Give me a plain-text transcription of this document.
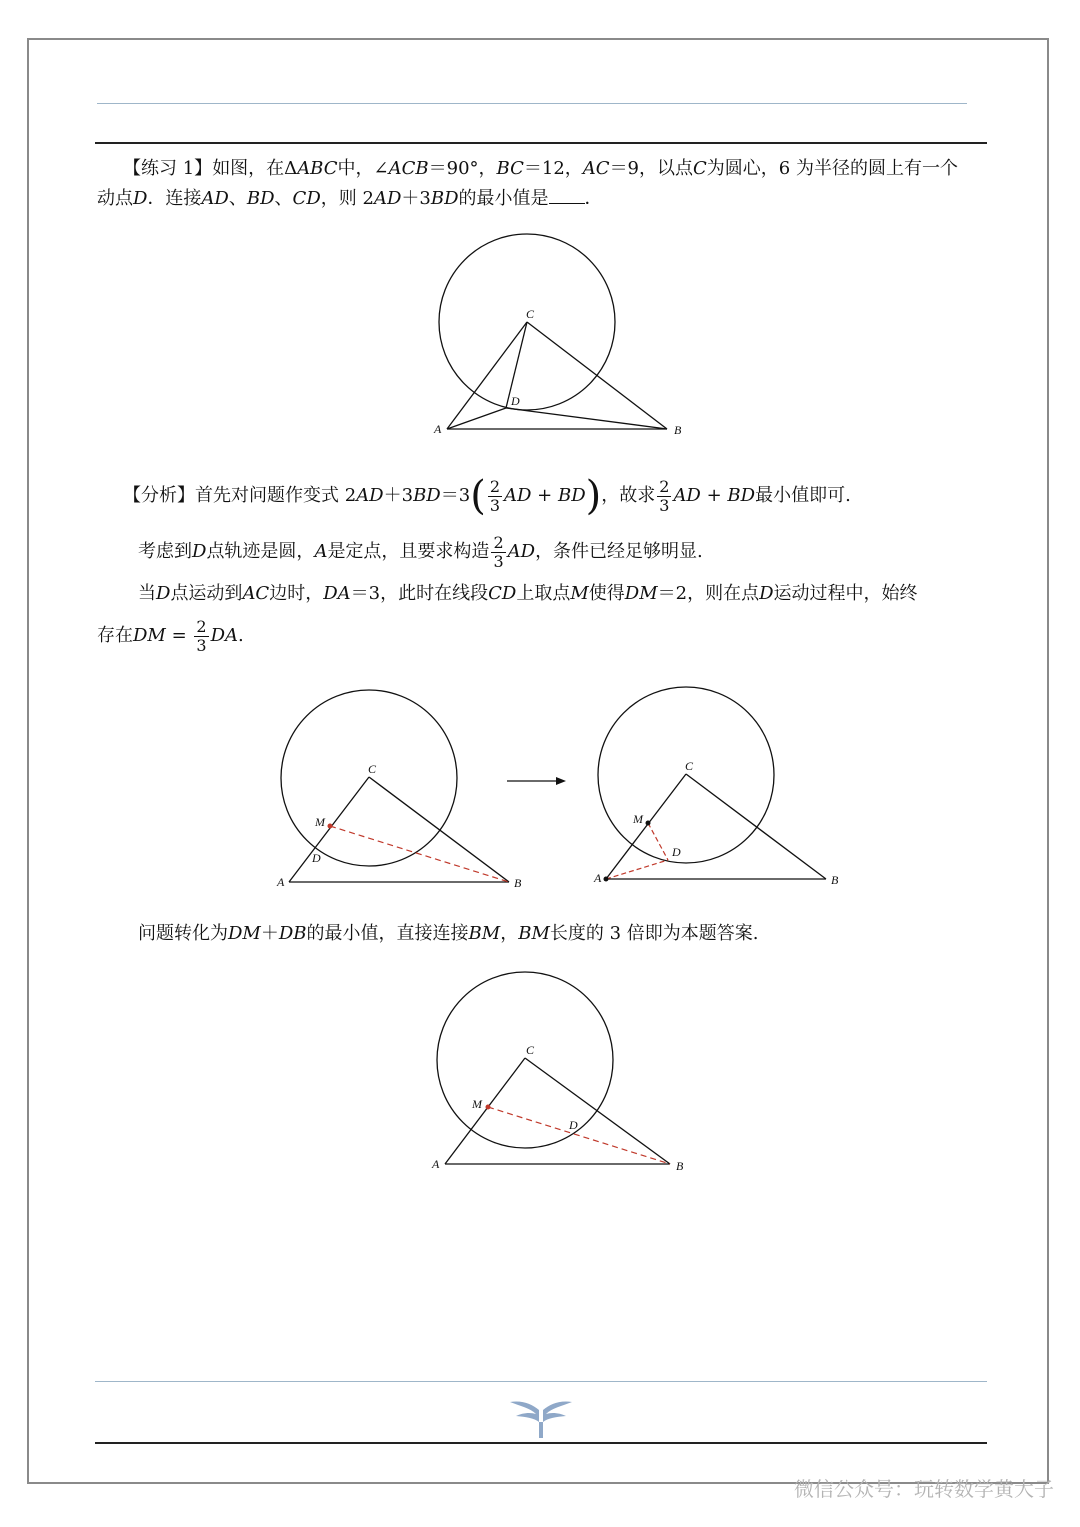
【练习 1】如图，在ΔABC中，∠ACB＝90°，BC＝12，AC＝9，以点C为圆心，6 为半径的圆上有一个
动点D．连接AD、BD、CD，则 2AD＋3BD的最小值是 ．
C
D
A	B
【分析】首先对问题作变式 $2AD+3BD=3( \frac{2}{3}$ AD + BD)，故求 $\frac{2}{3}$ AD + BD最小值即可.
考虑到D点轨迹是圆，A是定点，且要求构造 $\frac{2}{3}$ AD，条件已经足够明显.
当D点运动到AC边时，DA＝3，此时在线段CD上取点M使得DM＝2，则在点D运动过程中，始终
存在DM = $\frac{2}{3}$ DA.
C
M
D
A	B
C
M
D
A	B
问题转化为DM＋DB的最小值，直接连接BM，BM长度的 3 倍即为本题答案.
C
M
D
A	B
微信公众号：玩转数学黄大子
